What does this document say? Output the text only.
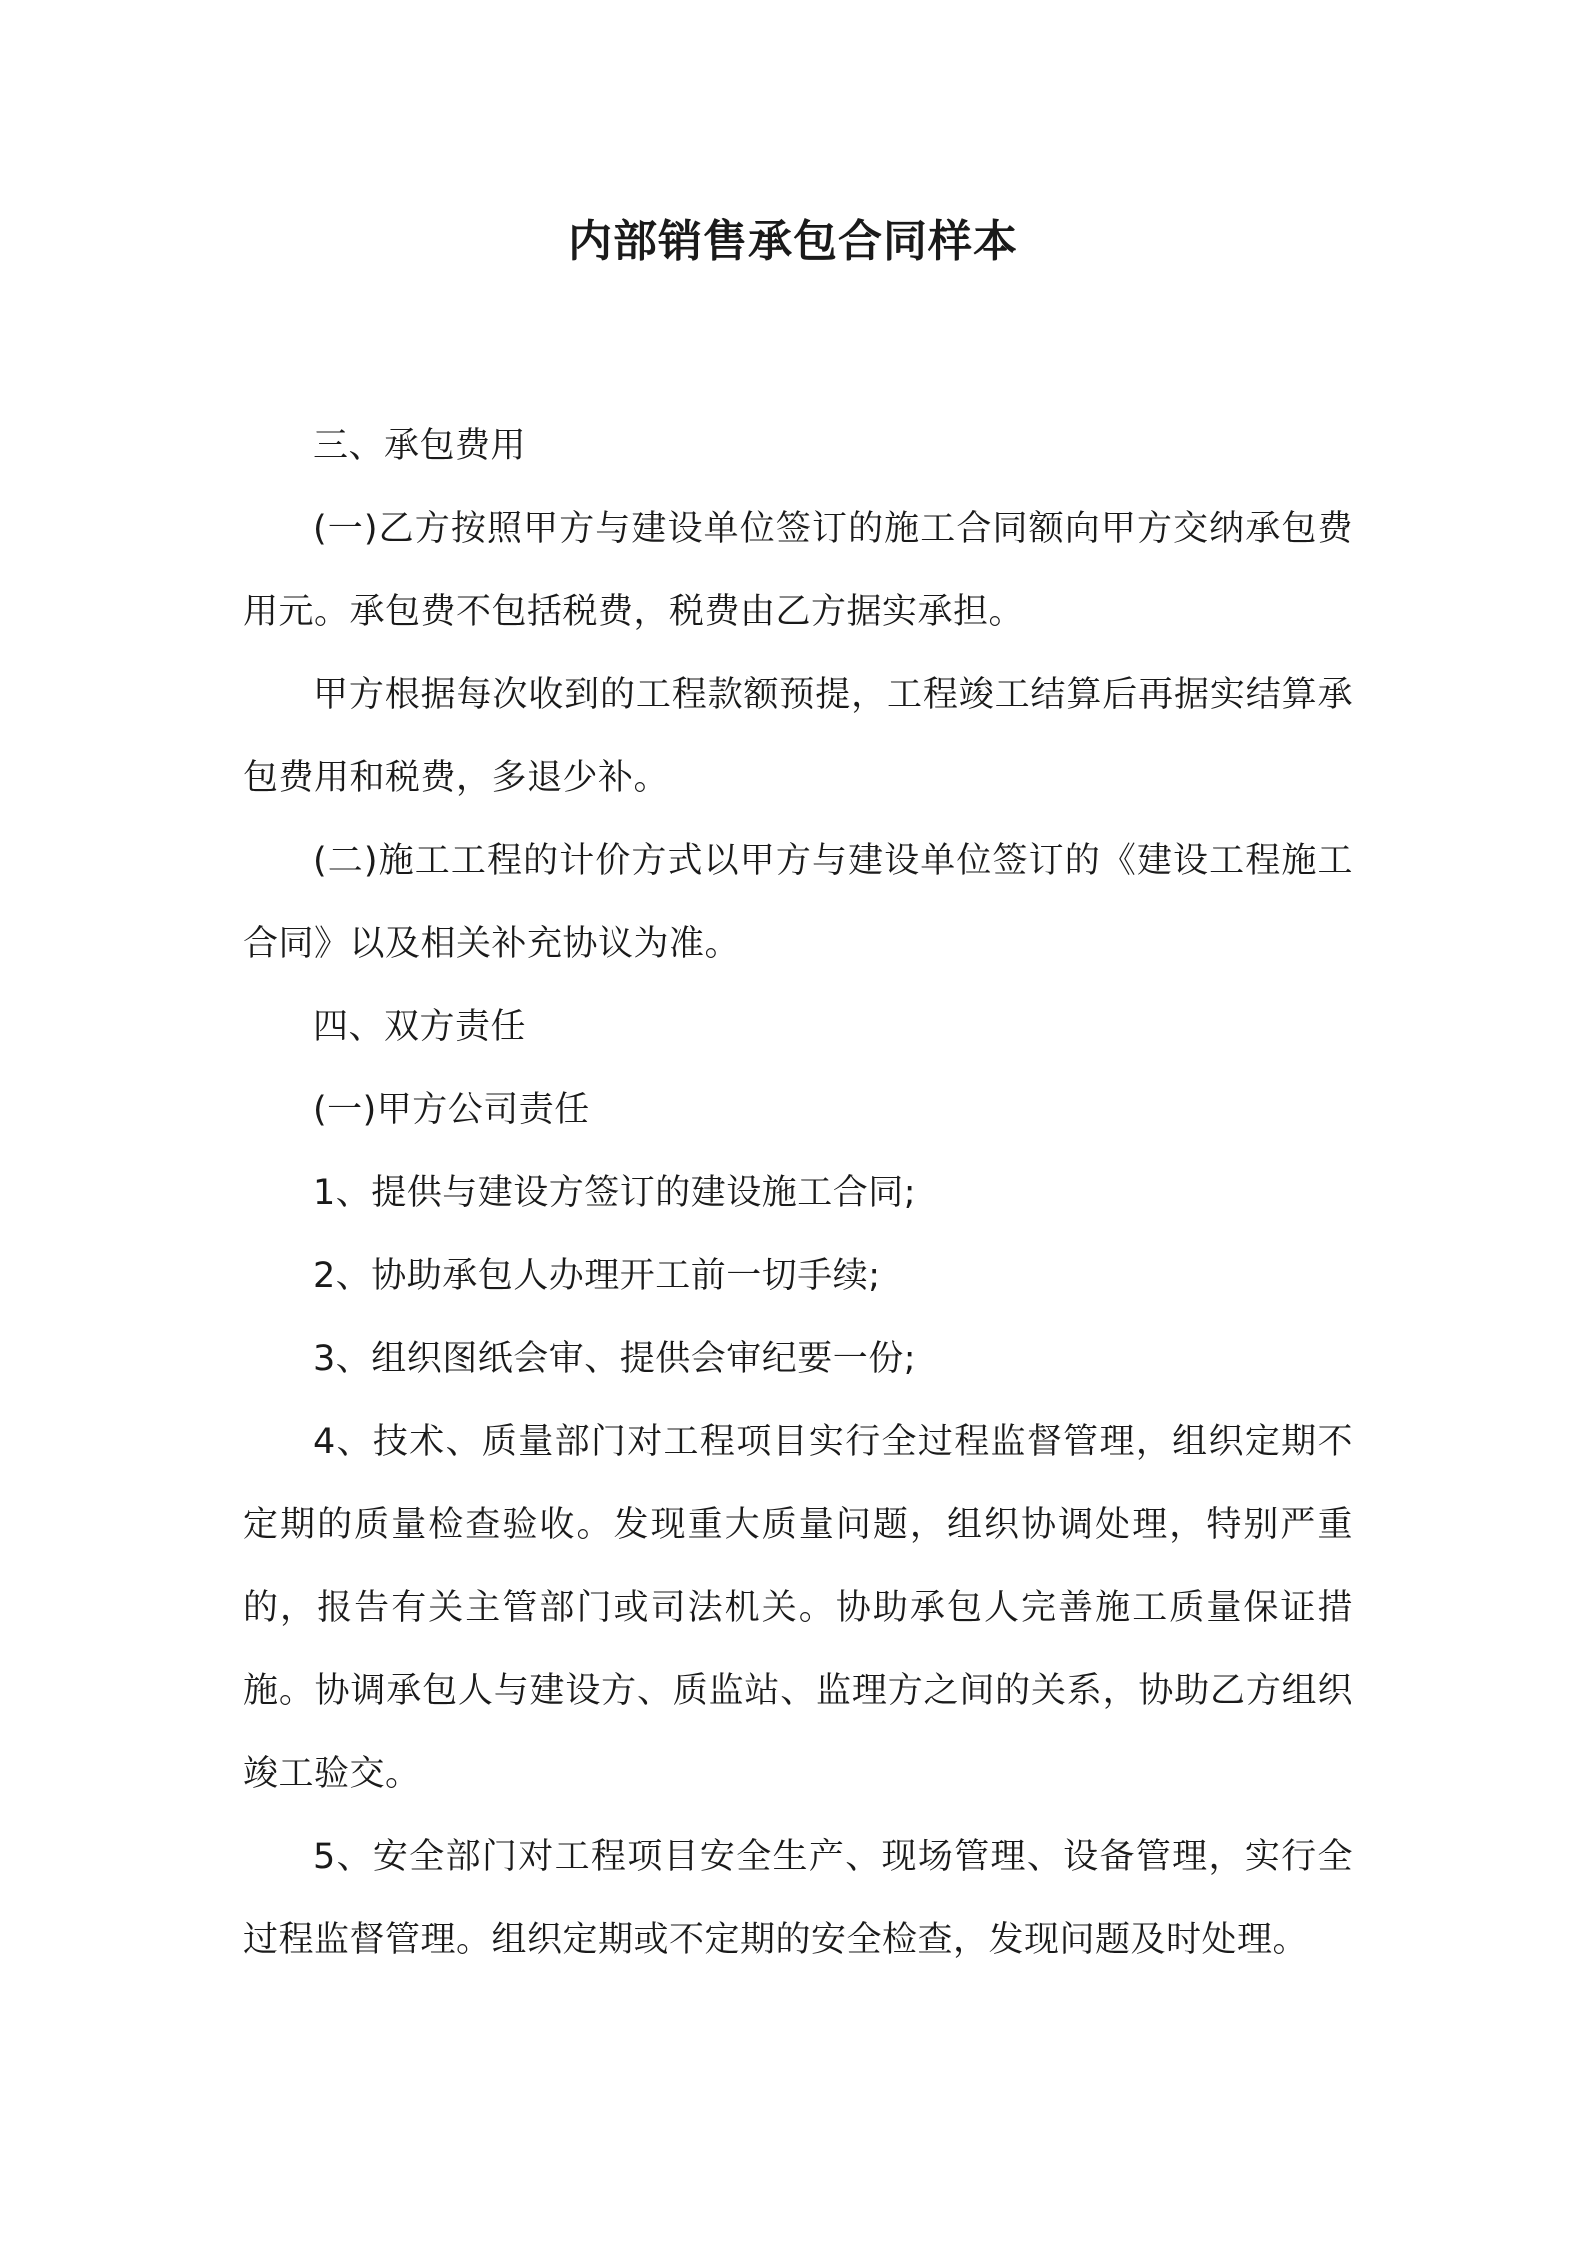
内部销售承包合同样本

三、承包费用

(一)乙方按照甲方与建设单位签订的施工合同额向甲方交纳承包费用元。承包费不包括税费，税费由乙方据实承担。

甲方根据每次收到的工程款额预提，工程竣工结算后再据实结算承包费用和税费，多退少补。

(二)施工工程的计价方式以甲方与建设单位签订的《建设工程施工合同》以及相关补充协议为准。

四、双方责任

(一)甲方公司责任

1、提供与建设方签订的建设施工合同;

2、协助承包人办理开工前一切手续;

3、组织图纸会审、提供会审纪要一份;

4、技术、质量部门对工程项目实行全过程监督管理，组织定期不定期的质量检查验收。发现重大质量问题，组织协调处理，特别严重的，报告有关主管部门或司法机关。协助承包人完善施工质量保证措施。协调承包人与建设方、质监站、监理方之间的关系，协助乙方组织竣工验交。

5、安全部门对工程项目安全生产、现场管理、设备管理，实行全过程监督管理。组织定期或不定期的安全检查，发现问题及时处理。
